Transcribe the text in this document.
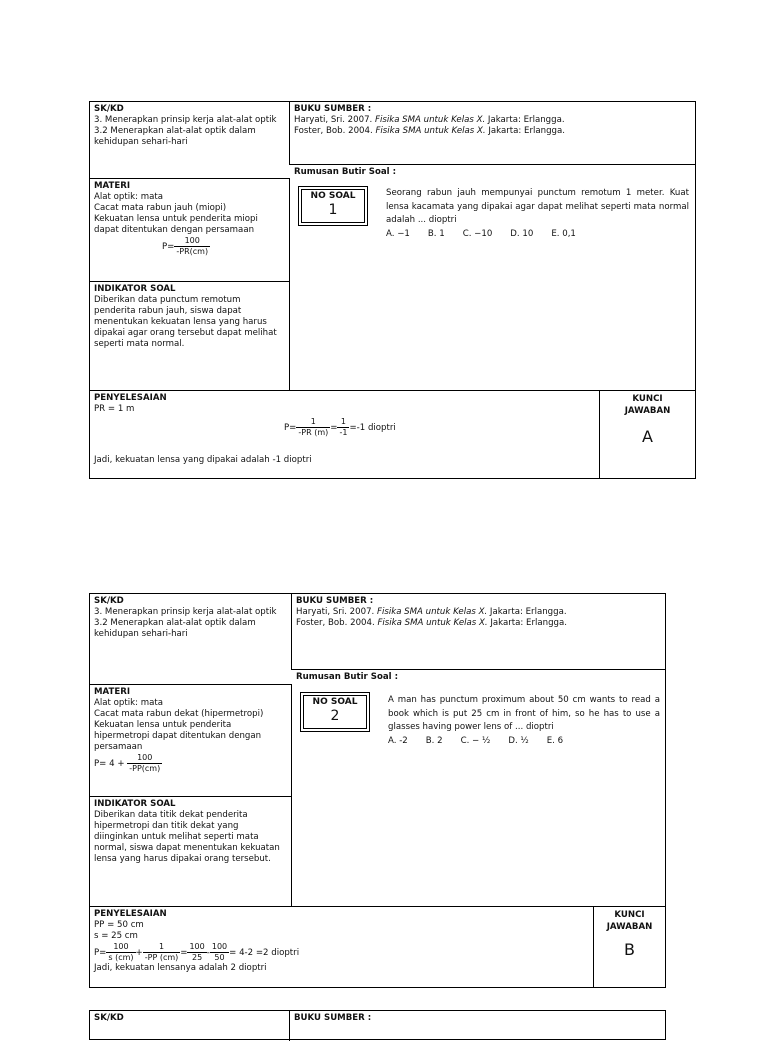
SK/KD
3. Menerapkan prinsip kerja alat-alat optik
3.2 Menerapkan alat-alat optik dalam
kehidupan sehari-hari
BUKU SUMBER :
Haryati, Sri. 2007. Fisika SMA untuk Kelas X. Jakarta: Erlangga.
Foster, Bob. 2004. Fisika SMA untuk Kelas X. Jakarta: Erlangga.
MATERI
Alat optik: mata
Cacat mata rabun jauh (miopi)
Kekuatan lensa untuk penderita miopi
dapat ditentukan dengan persamaan
$P= \frac{100}{-PR(cm)}$
INDIKATOR SOAL
Diberikan data punctum remotum
penderita rabun jauh, siswa dapat
menentukan kekuatan lensa yang harus
dipakai agar orang tersebut dapat melihat
seperti mata normal.
Rumusan Butir Soal :
NO SOAL
1
Seorang rabun jauh mempunyai punctum remotum 1 meter. Kuat lensa kacamata yang dipakai agar dapat melihat seperti mata normal adalah ... dioptri
A. −1 B. 1 C. −10 D. 10 E. 0,1
PENYELESAIAN
PR = 1 m
$P= \frac{1}{-PR (m)} = \frac{1}{-1} =-1$ dioptri
Jadi, kekuatan lensa yang dipakai adalah -1 dioptri
KUNCI
JAWABAN
A
SK/KD
3. Menerapkan prinsip kerja alat-alat optik
3.2 Menerapkan alat-alat optik dalam
kehidupan sehari-hari
BUKU SUMBER :
Haryati, Sri. 2007. Fisika SMA untuk Kelas X. Jakarta: Erlangga.
Foster, Bob. 2004. Fisika SMA untuk Kelas X. Jakarta: Erlangga.
MATERI
Alat optik: mata
Cacat mata rabun dekat (hipermetropi)
Kekuatan lensa untuk penderita
hipermetropi dapat ditentukan dengan
persamaan
$P= 4 + \frac{100}{-PP(cm)}$
INDIKATOR SOAL
Diberikan data titik dekat penderita
hipermetropi dan titik dekat yang
diinginkan untuk melihat seperti mata
normal, siswa dapat menentukan kekuatan
lensa yang harus dipakai orang tersebut.
Rumusan Butir Soal :
NO SOAL
2
A man has punctum proximum about 50 cm wants to read a book which is put 25 cm in front of him, so he has to use a glasses having power lens of ... dioptri
A. -2 B. 2 C. − ½ D. ½ E. 6
PENYELESAIAN
PP = 50 cm
s = 25 cm
$P= \frac{100}{s (cm)} + \frac{1}{-PP (cm)} = \frac{100}{25} - \frac{100}{50} = 4-2 =2$ dioptri
Jadi, kekuatan lensanya adalah 2 dioptri
KUNCI
JAWABAN
B
SK/KD	BUKU SUMBER :
